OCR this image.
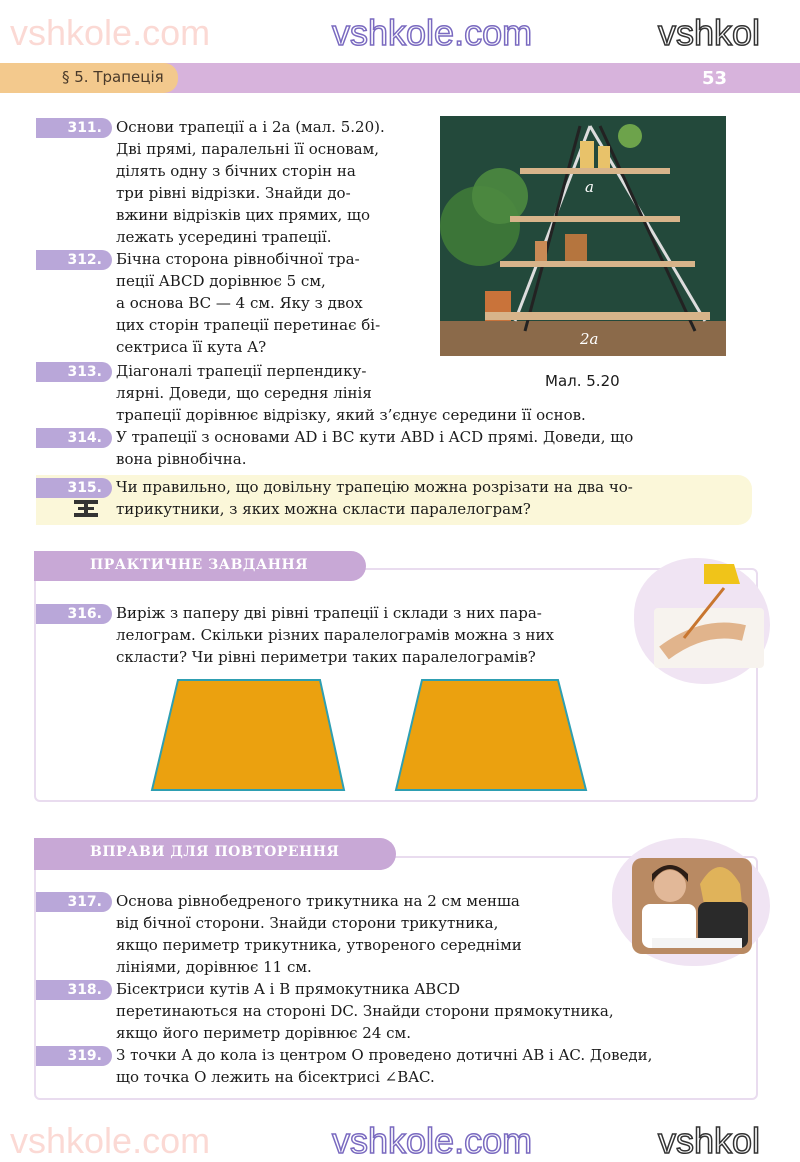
§ 5. Трапеція	53
a
2a
Мал. 5.20
311. Основи трапеції a і 2a (мал. 5.20).
Дві прямі, паралельні її основам,
ділять одну з бічних сторін на
три рівні відрізки. Знайди до-
вжини відрізків цих прямих, що
лежать усередині трапеції.
312. Бічна сторона рівнобічної тра-
пеції ABCD дорівнює 5 см,
а основа BC — 4 см. Яку з двох
цих сторін трапеції перетинає бі-
сектриса її кута A?
313. Діагоналі трапеції перпендику-
лярні. Доведи, що середня лінія
трапеції дорівнює відрізку, який з’єднує середини її основ.
314. У трапеції з основами AD і BC кути ABD і ACD прямі. Доведи, що
вона рівнобічна.
315. Чи правильно, що довільну трапецію можна розрізати на два чо-
тирикутники, з яких можна скласти паралелограм?
ПРАКТИЧНЕ ЗАВДАННЯ
316. Виріж з паперу дві рівні трапеції і склади з них пара-
лелограм. Скільки різних паралелограмів можна з них
скласти? Чи рівні периметри таких паралелограмів?
ВПРАВИ ДЛЯ ПОВТОРЕННЯ
317. Основа рівнобедреного трикутника на 2 см менша
від бічної сторони. Знайди сторони трикутника,
якщо периметр трикутника, утвореного середніми
лініями, дорівнює 11 см.
318. Бісектриси кутів A і B прямокутника ABCD
перетинаються на стороні DC. Знайди сторони прямокутника,
якщо його периметр дорівнює 24 см.
319. З точки A до кола із центром O проведено дотичні AB і AC. Доведи,
що точка O лежить на бісектрисі ∠BAC.
vshkole.com	vshkole.com	vshkol
vshkole.com	vshkole.com	vshkol
